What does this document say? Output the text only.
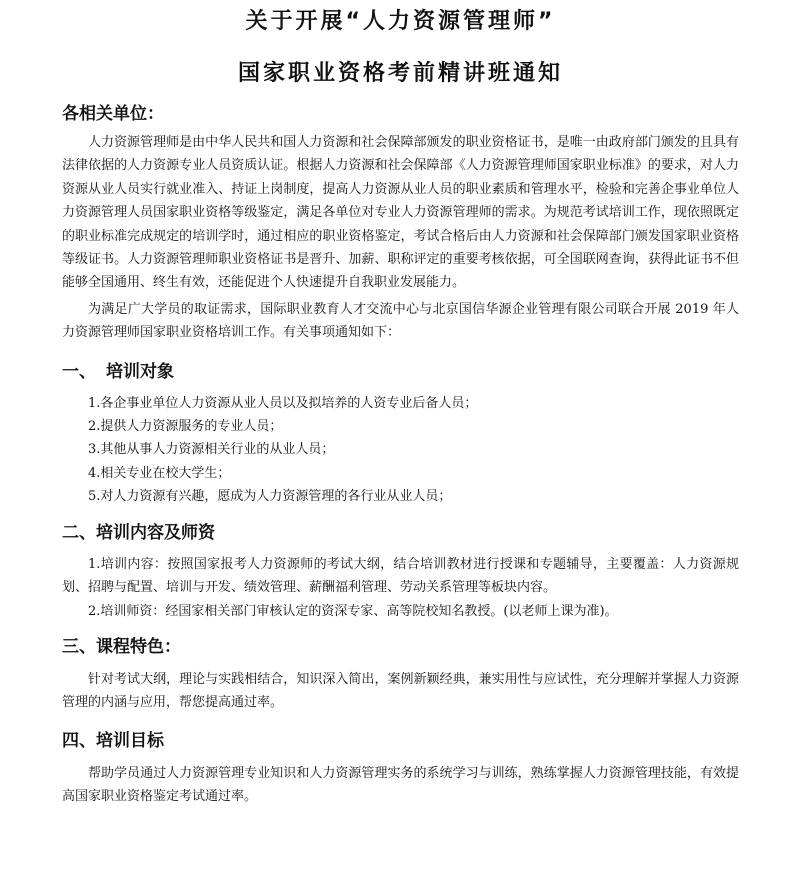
关于开展“人力资源管理师”
国家职业资格考前精讲班通知
各相关单位：

人力资源管理师是由中华人民共和国人力资源和社会保障部颁发的职业资格证书，是唯一由政府部门颁发的且具有法律依据的人力资源专业人员资质认证。根据人力资源和社会保障部《人力资源管理师国家职业标准》的要求，对人力资源从业人员实行就业准入、持证上岗制度，提高人力资源从业人员的职业素质和管理水平，检验和完善企事业单位人力资源管理人员国家职业资格等级鉴定，满足各单位对专业人力资源管理师的需求。为规范考试培训工作，现依照既定的职业标准完成规定的培训学时，通过相应的职业资格鉴定，考试合格后由人力资源和社会保障部门颁发国家职业资格等级证书。人力资源管理师职业资格证书是晋升、加薪、职称评定的重要考核依据，可全国联网查询，获得此证书不但能够全国通用、终生有效，还能促进个人快速提升自我职业发展能力。

为满足广大学员的取证需求，国际职业教育人才交流中心与北京国信华源企业管理有限公司联合开展 2019 年人力资源管理师国家职业资格培训工作。有关事项通知如下：

一、 培训对象
1.各企事业单位人力资源从业人员以及拟培养的人资专业后备人员；
2.提供人力资源服务的专业人员；
3.其他从事人力资源相关行业的从业人员；
4.相关专业在校大学生；
5.对人力资源有兴趣，愿成为人力资源管理的各行业从业人员；
二、培训内容及师资
1.培训内容：按照国家报考人力资源师的考试大纲，结合培训教材进行授课和专题辅导，主要覆盖：人力资源规划、招聘与配置、培训与开发、绩效管理、薪酬福利管理、劳动关系管理等板块内容。
2.培训师资：经国家相关部门审核认定的资深专家、高等院校知名教授。(以老师上课为准)。
三、课程特色：

针对考试大纲，理论与实践相结合，知识深入简出，案例新颖经典，兼实用性与应试性，充分理解并掌握人力资源管理的内涵与应用，帮您提高通过率。

四、培训目标

帮助学员通过人力资源管理专业知识和人力资源管理实务的系统学习与训练，熟练掌握人力资源管理技能，有效提高国家职业资格鉴定考试通过率。
